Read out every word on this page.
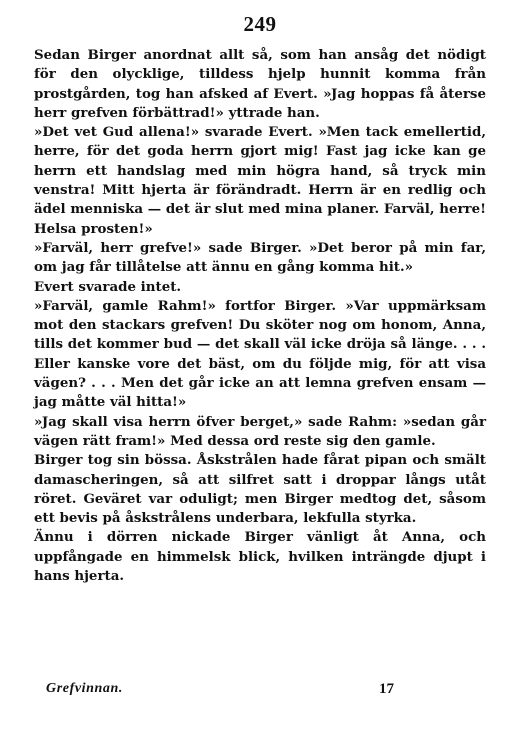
249

Sedan Birger anordnat allt så, som han ansåg det nödigt för den olycklige, tilldess hjelp hunnit komma från prostgården, tog han afsked af Evert. »Jag hoppas få återse herr grefven förbättrad!» yttrade han.

»Det vet Gud allena!» svarade Evert. »Men tack emellertid, herre, för det goda herrn gjort mig! Fast jag icke kan ge herrn ett handslag med min högra hand, så tryck min venstra! Mitt hjerta är förändradt. Herrn är en redlig och ädel menniska — det är slut med mina planer. Farväl, herre! Helsa prosten!»

»Farväl, herr grefve!» sade Birger. »Det beror på min far, om jag får tillåtelse att ännu en gång komma hit.»

Evert svarade intet.

»Farväl, gamle Rahm!» fortfor Birger. »Var uppmärksam mot den stackars grefven! Du sköter nog om honom, Anna, tills det kommer bud — det skall väl icke dröja så länge. . . . Eller kanske vore det bäst, om du följde mig, för att visa vägen? . . . Men det går icke an att lemna grefven ensam — jag måtte väl hitta!»

»Jag skall visa herrn öfver berget,» sade Rahm: »sedan går vägen rätt fram!» Med dessa ord reste sig den gamle.

Birger tog sin bössa. Åskstrålen hade fårat pipan och smält damascheringen, så att silfret satt i droppar långs utåt röret. Geväret var oduligt; men Birger medtog det, såsom ett bevis på åskstrålens underbara, lekfulla styrka.

Ännu i dörren nickade Birger vänligt åt Anna, och uppfångade en himmelsk blick, hvilken inträngde djupt i hans hjerta.

Grefvinnan.	17
